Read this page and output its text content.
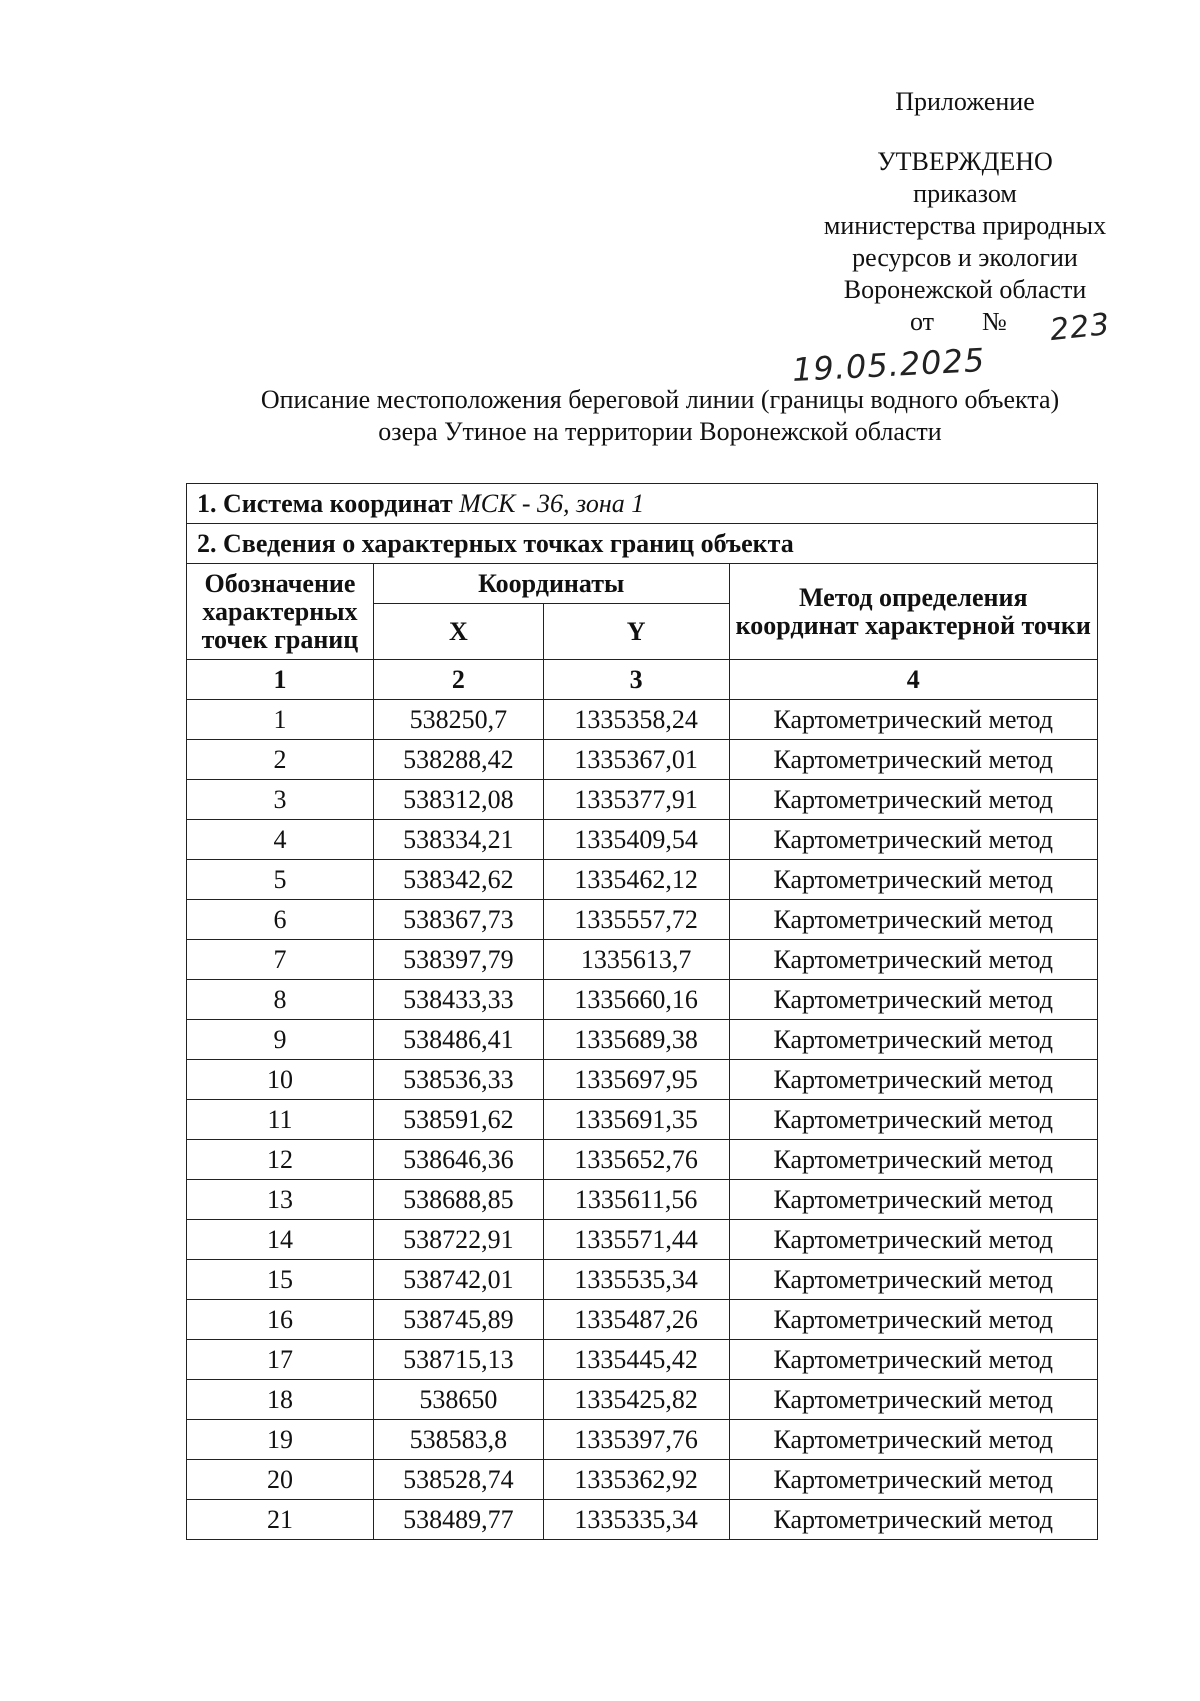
Приложение
УТВЕРЖДЕНО
приказом
министерства природных
ресурсов и экологии
Воронежской области
от № 223
19.05.2025
Описание местоположения береговой линии (границы водного объекта)
озера Утиное на территории Воронежской области
1. Система координат МСК - 36, зона 1			
2. Сведения о характерных точках границ объекта			
Обозначение характерных точек границ	Координаты		Метод определения координат характерной точки
	X	Y	
1	2	3	4
1	538250,7	1335358,24	Картометрический метод
2	538288,42	1335367,01	Картометрический метод
3	538312,08	1335377,91	Картометрический метод
4	538334,21	1335409,54	Картометрический метод
5	538342,62	1335462,12	Картометрический метод
6	538367,73	1335557,72	Картометрический метод
7	538397,79	1335613,7	Картометрический метод
8	538433,33	1335660,16	Картометрический метод
9	538486,41	1335689,38	Картометрический метод
10	538536,33	1335697,95	Картометрический метод
11	538591,62	1335691,35	Картометрический метод
12	538646,36	1335652,76	Картометрический метод
13	538688,85	1335611,56	Картометрический метод
14	538722,91	1335571,44	Картометрический метод
15	538742,01	1335535,34	Картометрический метод
16	538745,89	1335487,26	Картометрический метод
17	538715,13	1335445,42	Картометрический метод
18	538650	1335425,82	Картометрический метод
19	538583,8	1335397,76	Картометрический метод
20	538528,74	1335362,92	Картометрический метод
21	538489,77	1335335,34	Картометрический метод
